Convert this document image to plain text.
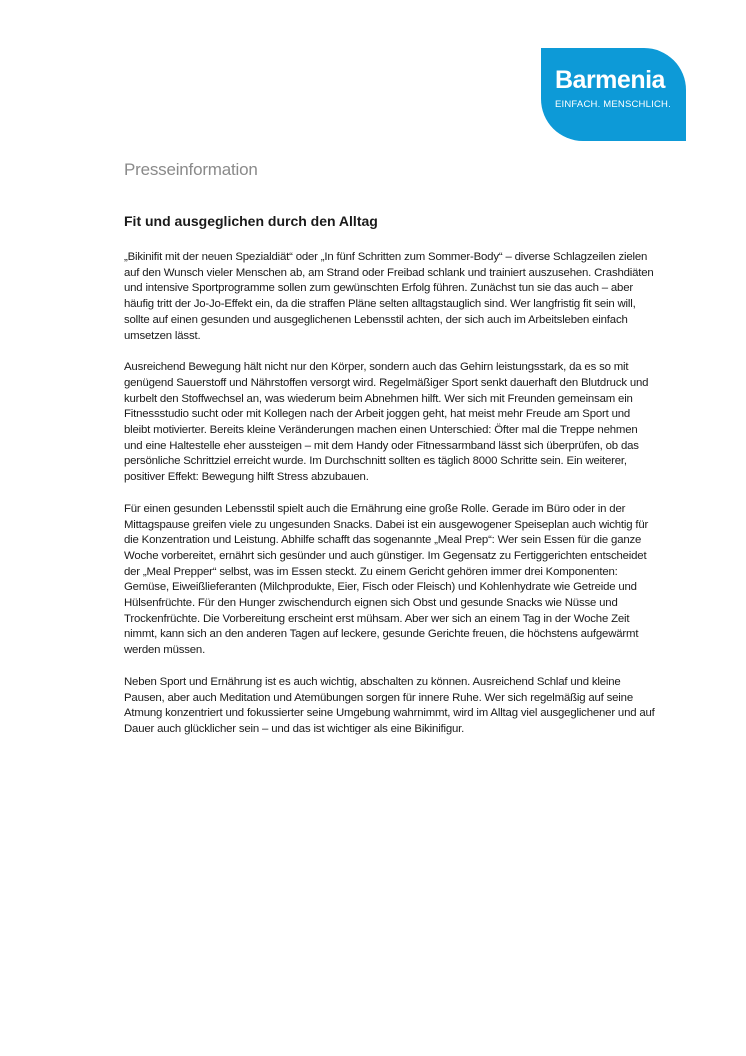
Barmenia
EINFACH. MENSCHLICH.
Presseinformation
Fit und ausgeglichen durch den Alltag

„Bikinifit mit der neuen Spezialdiät“ oder „In fünf Schritten zum Sommer-Body“ – diverse Schlagzeilen zielen
auf den Wunsch vieler Menschen ab, am Strand oder Freibad schlank und trainiert auszusehen. Crashdiäten
und intensive Sportprogramme sollen zum gewünschten Erfolg führen. Zunächst tun sie das auch – aber
häufig tritt der Jo-Jo-Effekt ein, da die straffen Pläne selten alltagstauglich sind. Wer langfristig fit sein will,
sollte auf einen gesunden und ausgeglichenen Lebensstil achten, der sich auch im Arbeitsleben einfach
umsetzen lässt.

Ausreichend Bewegung hält nicht nur den Körper, sondern auch das Gehirn leistungsstark, da es so mit
genügend Sauerstoff und Nährstoffen versorgt wird. Regelmäßiger Sport senkt dauerhaft den Blutdruck und
kurbelt den Stoffwechsel an, was wiederum beim Abnehmen hilft. Wer sich mit Freunden gemeinsam ein
Fitnessstudio sucht oder mit Kollegen nach der Arbeit joggen geht, hat meist mehr Freude am Sport und
bleibt motivierter. Bereits kleine Veränderungen machen einen Unterschied: Öfter mal die Treppe nehmen
und eine Haltestelle eher aussteigen – mit dem Handy oder Fitnessarmband lässt sich überprüfen, ob das
persönliche Schrittziel erreicht wurde. Im Durchschnitt sollten es täglich 8000 Schritte sein. Ein weiterer,
positiver Effekt: Bewegung hilft Stress abzubauen.

Für einen gesunden Lebensstil spielt auch die Ernährung eine große Rolle. Gerade im Büro oder in der
Mittagspause greifen viele zu ungesunden Snacks. Dabei ist ein ausgewogener Speiseplan auch wichtig für
die Konzentration und Leistung. Abhilfe schafft das sogenannte „Meal Prep“: Wer sein Essen für die ganze
Woche vorbereitet, ernährt sich gesünder und auch günstiger. Im Gegensatz zu Fertiggerichten entscheidet
der „Meal Prepper“ selbst, was im Essen steckt. Zu einem Gericht gehören immer drei Komponenten:
Gemüse, Eiweißlieferanten (Milchprodukte, Eier, Fisch oder Fleisch) und Kohlenhydrate wie Getreide und
Hülsenfrüchte. Für den Hunger zwischendurch eignen sich Obst und gesunde Snacks wie Nüsse und
Trockenfrüchte. Die Vorbereitung erscheint erst mühsam. Aber wer sich an einem Tag in der Woche Zeit
nimmt, kann sich an den anderen Tagen auf leckere, gesunde Gerichte freuen, die höchstens aufgewärmt
werden müssen.

Neben Sport und Ernährung ist es auch wichtig, abschalten zu können. Ausreichend Schlaf und kleine
Pausen, aber auch Meditation und Atemübungen sorgen für innere Ruhe. Wer sich regelmäßig auf seine
Atmung konzentriert und fokussierter seine Umgebung wahrnimmt, wird im Alltag viel ausgeglichener und auf
Dauer auch glücklicher sein – und das ist wichtiger als eine Bikinifigur.
